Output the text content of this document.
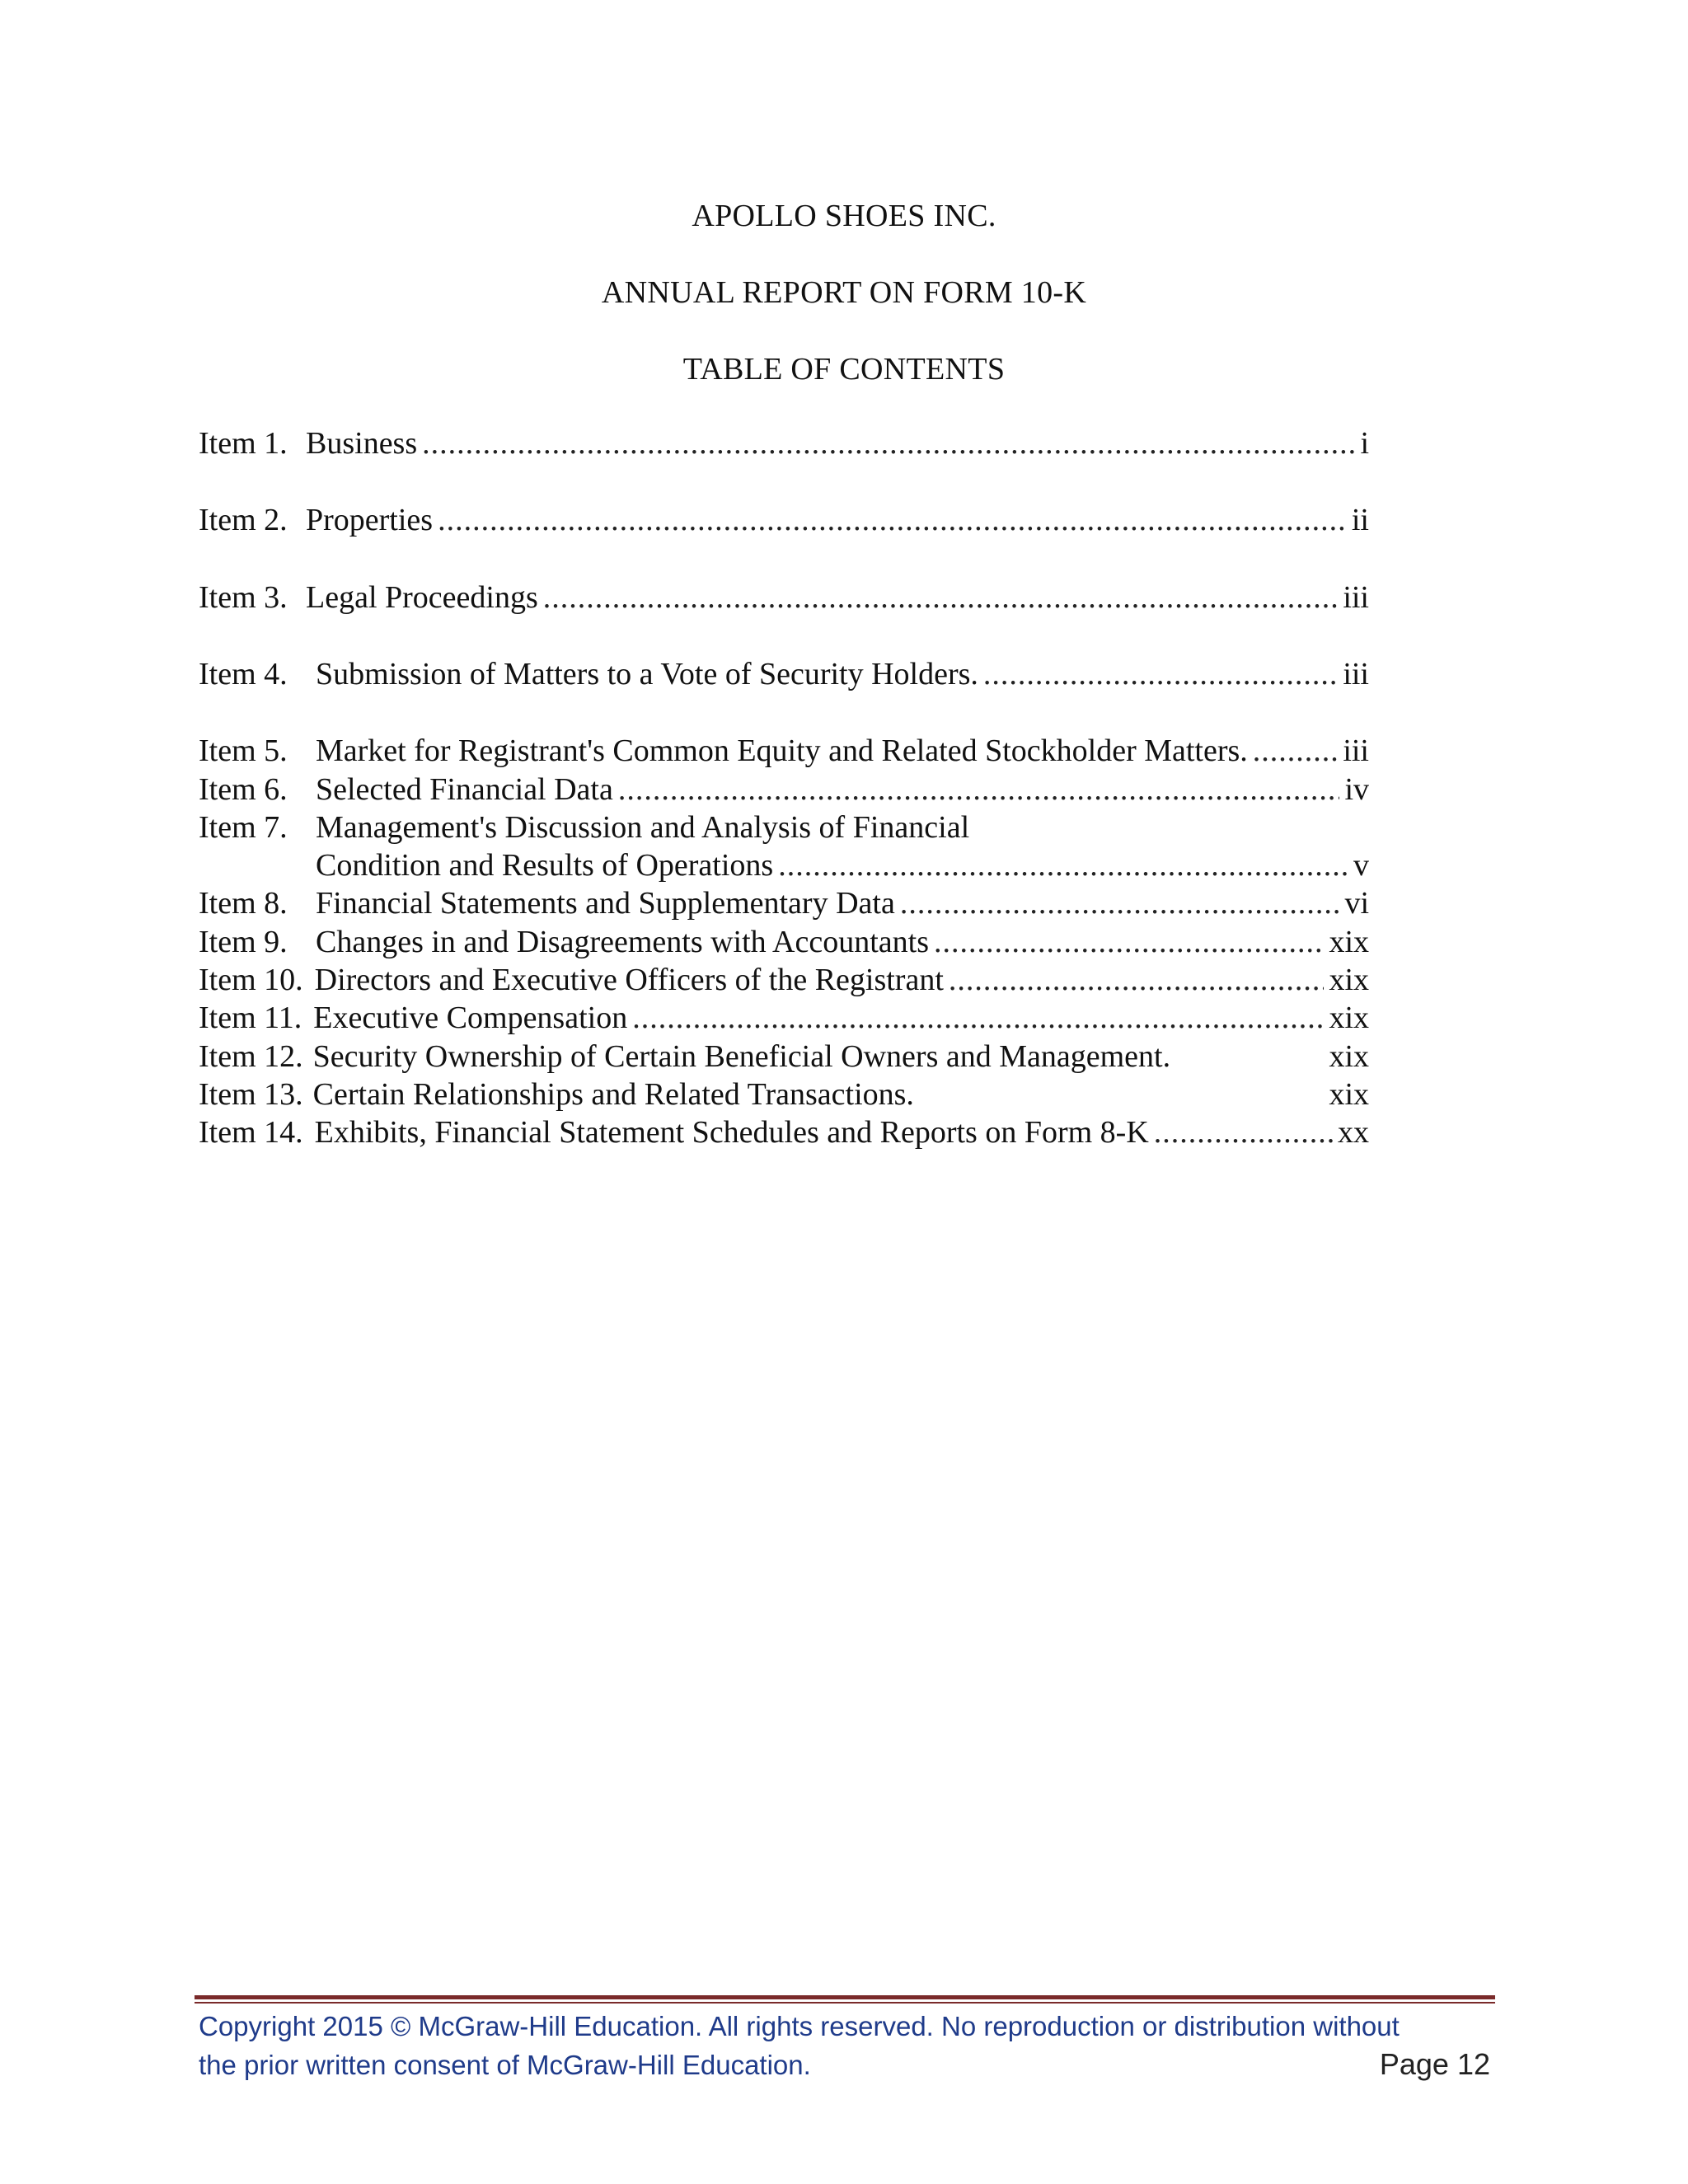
APOLLO SHOES INC.
ANNUAL REPORT ON FORM 10-K
TABLE OF CONTENTS
Item 1. Business .....	i
Item 2. Properties .....	ii
Item 3. Legal Proceedings .....	iii
Item 4. Submission of Matters to a Vote of Security Holders. .....	iii
Item 5. Market for Registrant's Common Equity and Related Stockholder Matters. .....	iii
Item 6. Selected Financial Data .....	iv
Item 7. Management's Discussion and Analysis of Financial
Condition and Results of Operations .....	v
Item 8. Financial Statements and Supplementary Data .....	vi
Item 9. Changes in and Disagreements with Accountants .....	xix
Item 10. Directors and Executive Officers of the Registrant .....	xix
Item 11. Executive Compensation .....	xix
Item 12. Security Ownership of Certain Beneficial Owners and Management.	xix
Item 13. Certain Relationships and Related Transactions.	xix
Item 14. Exhibits, Financial Statement Schedules and Reports on Form 8-K .....	xx
Copyright 2015 © McGraw-Hill Education. All rights reserved. No reproduction or distribution without
the prior written consent of McGraw-Hill Education.	Page 12
